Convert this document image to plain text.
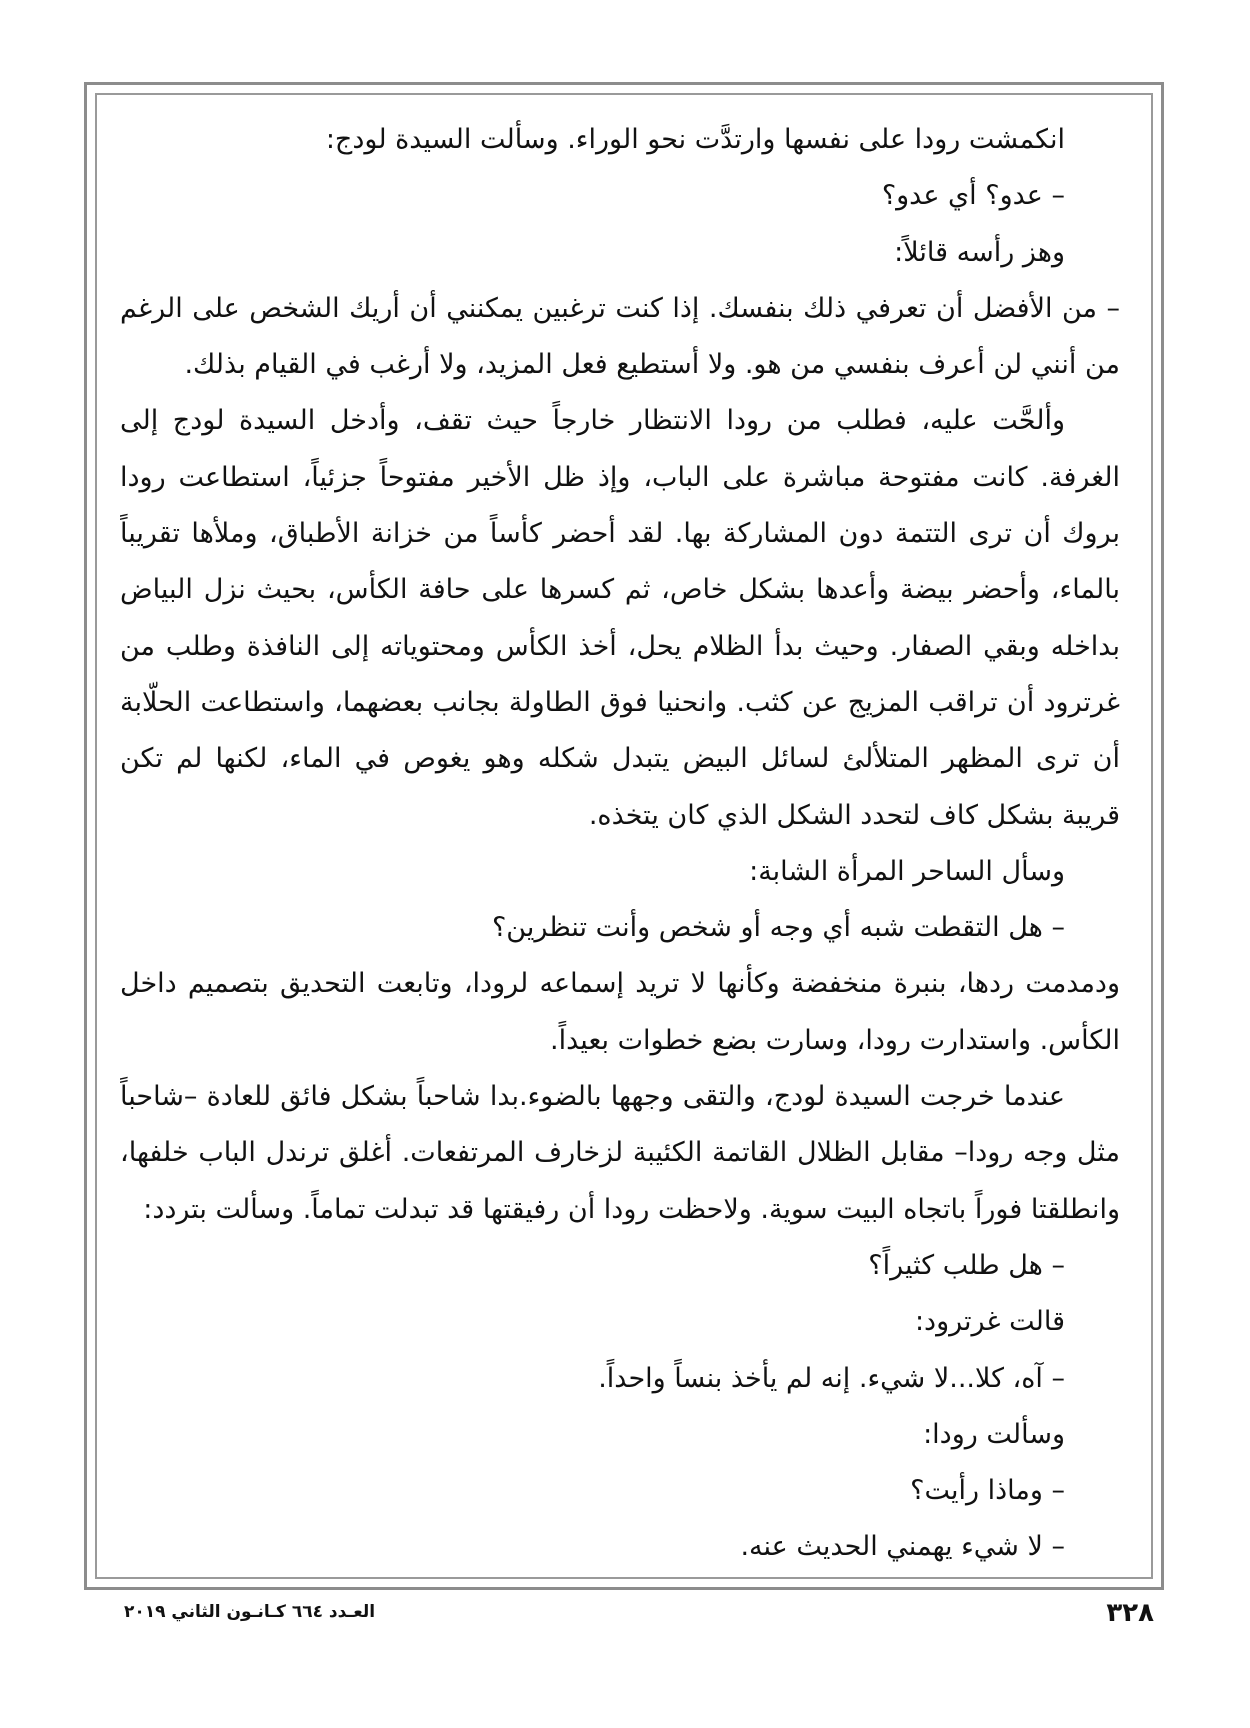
انكمشت رودا على نفسها وارتدَّت نحو الوراء. وسألت السيدة لودج:

– عدو؟ أي عدو؟

وهز رأسه قائلاً:

– من الأفضل أن تعرفي ذلك بنفسك. إذا كنت ترغبين يمكنني أن أريك الشخص على الرغم من أنني لن أعرف بنفسي من هو. ولا أستطيع فعل المزيد، ولا أرغب في القيام بذلك.

وألحَّت عليه، فطلب من رودا الانتظار خارجاً حيث تقف، وأدخل السيدة لودج إلى الغرفة. كانت مفتوحة مباشرة على الباب، وإذ ظل الأخير مفتوحاً جزئياً، استطاعت رودا بروك أن ترى التتمة دون المشاركة بها. لقد أحضر كأساً من خزانة الأطباق، وملأها تقريباً بالماء، وأحضر بيضة وأعدها بشكل خاص، ثم كسرها على حافة الكأس، بحيث نزل البياض بداخله وبقي الصفار. وحيث بدأ الظلام يحل، أخذ الكأس ومحتوياته إلى النافذة وطلب من غرترود أن تراقب المزيج عن كثب. وانحنيا فوق الطاولة بجانب بعضهما، واستطاعت الحلّابة أن ترى المظهر المتلألئ لسائل البيض يتبدل شكله وهو يغوص في الماء، لكنها لم تكن قريبة بشكل كاف لتحدد الشكل الذي كان يتخذه.

وسأل الساحر المرأة الشابة:

– هل التقطت شبه أي وجه أو شخص وأنت تنظرين؟

ودمدمت ردها، بنبرة منخفضة وكأنها لا تريد إسماعه لرودا، وتابعت التحديق بتصميم داخل الكأس. واستدارت رودا، وسارت بضع خطوات بعيداً.

عندما خرجت السيدة لودج، والتقى وجهها بالضوء.بدا شاحباً بشكل فائق للعادة –شاحباً مثل وجه رودا– مقابل الظلال القاتمة الكئيبة لزخارف المرتفعات. أغلق ترندل الباب خلفها، وانطلقتا فوراً باتجاه البيت سوية. ولاحظت رودا أن رفيقتها قد تبدلت تماماً. وسألت بتردد:

– هل طلب كثيراً؟

قالت غرترود:

– آه، كلا...لا شيء. إنه لم يأخذ بنساً واحداً.

وسألت رودا:

– وماذا رأيت؟

– لا شيء يهمني الحديث عنه.

٣٢٨
العـدد ٦٦٤ كـانـون الثاني ٢٠١٩
